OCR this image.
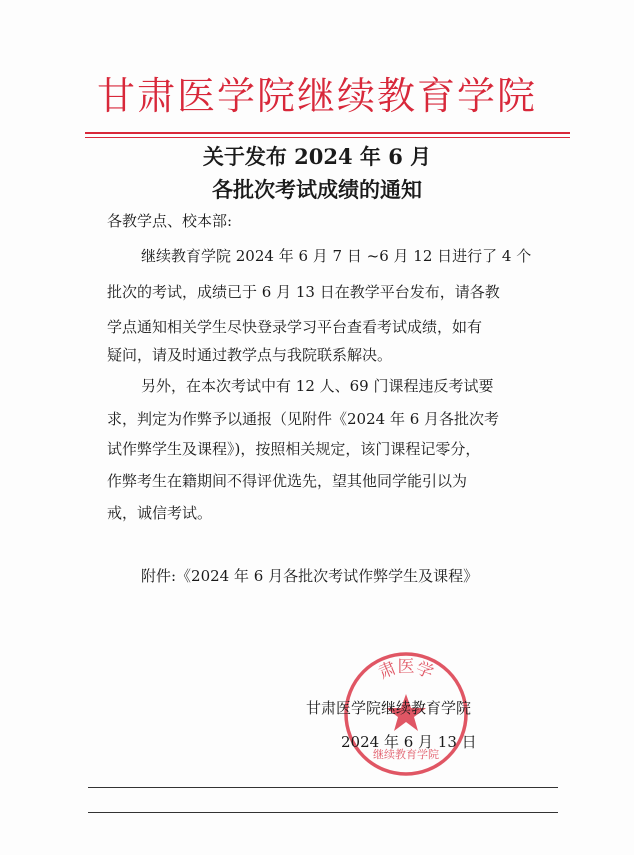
甘肃医学院继续教育学院
关于发布 2024 年 6 月
各批次考试成绩的通知
各教学点、校本部:
继续教育学院 2024 年 6 月 7 日 ~6 月 12 日进行了 4 个
批次的考试，成绩已于 6 月 13 日在教学平台发布，请各教
学点通知相关学生尽快登录学习平台查看考试成绩，如有
疑问，请及时通过教学点与我院联系解决。
另外，在本次考试中有 12 人、69 门课程违反考试要
求，判定为作弊予以通报（见附件《2024 年 6 月各批次考
试作弊学生及课程》)，按照相关规定，该门课程记零分，
作弊考生在籍期间不得评优选先，望其他同学能引以为
戒，诚信考试。
附件:《2024 年 6 月各批次考试作弊学生及课程》
肃医学
继续教育学院
甘肃医学院继续教育学院
2024 年 6 月 13 日
